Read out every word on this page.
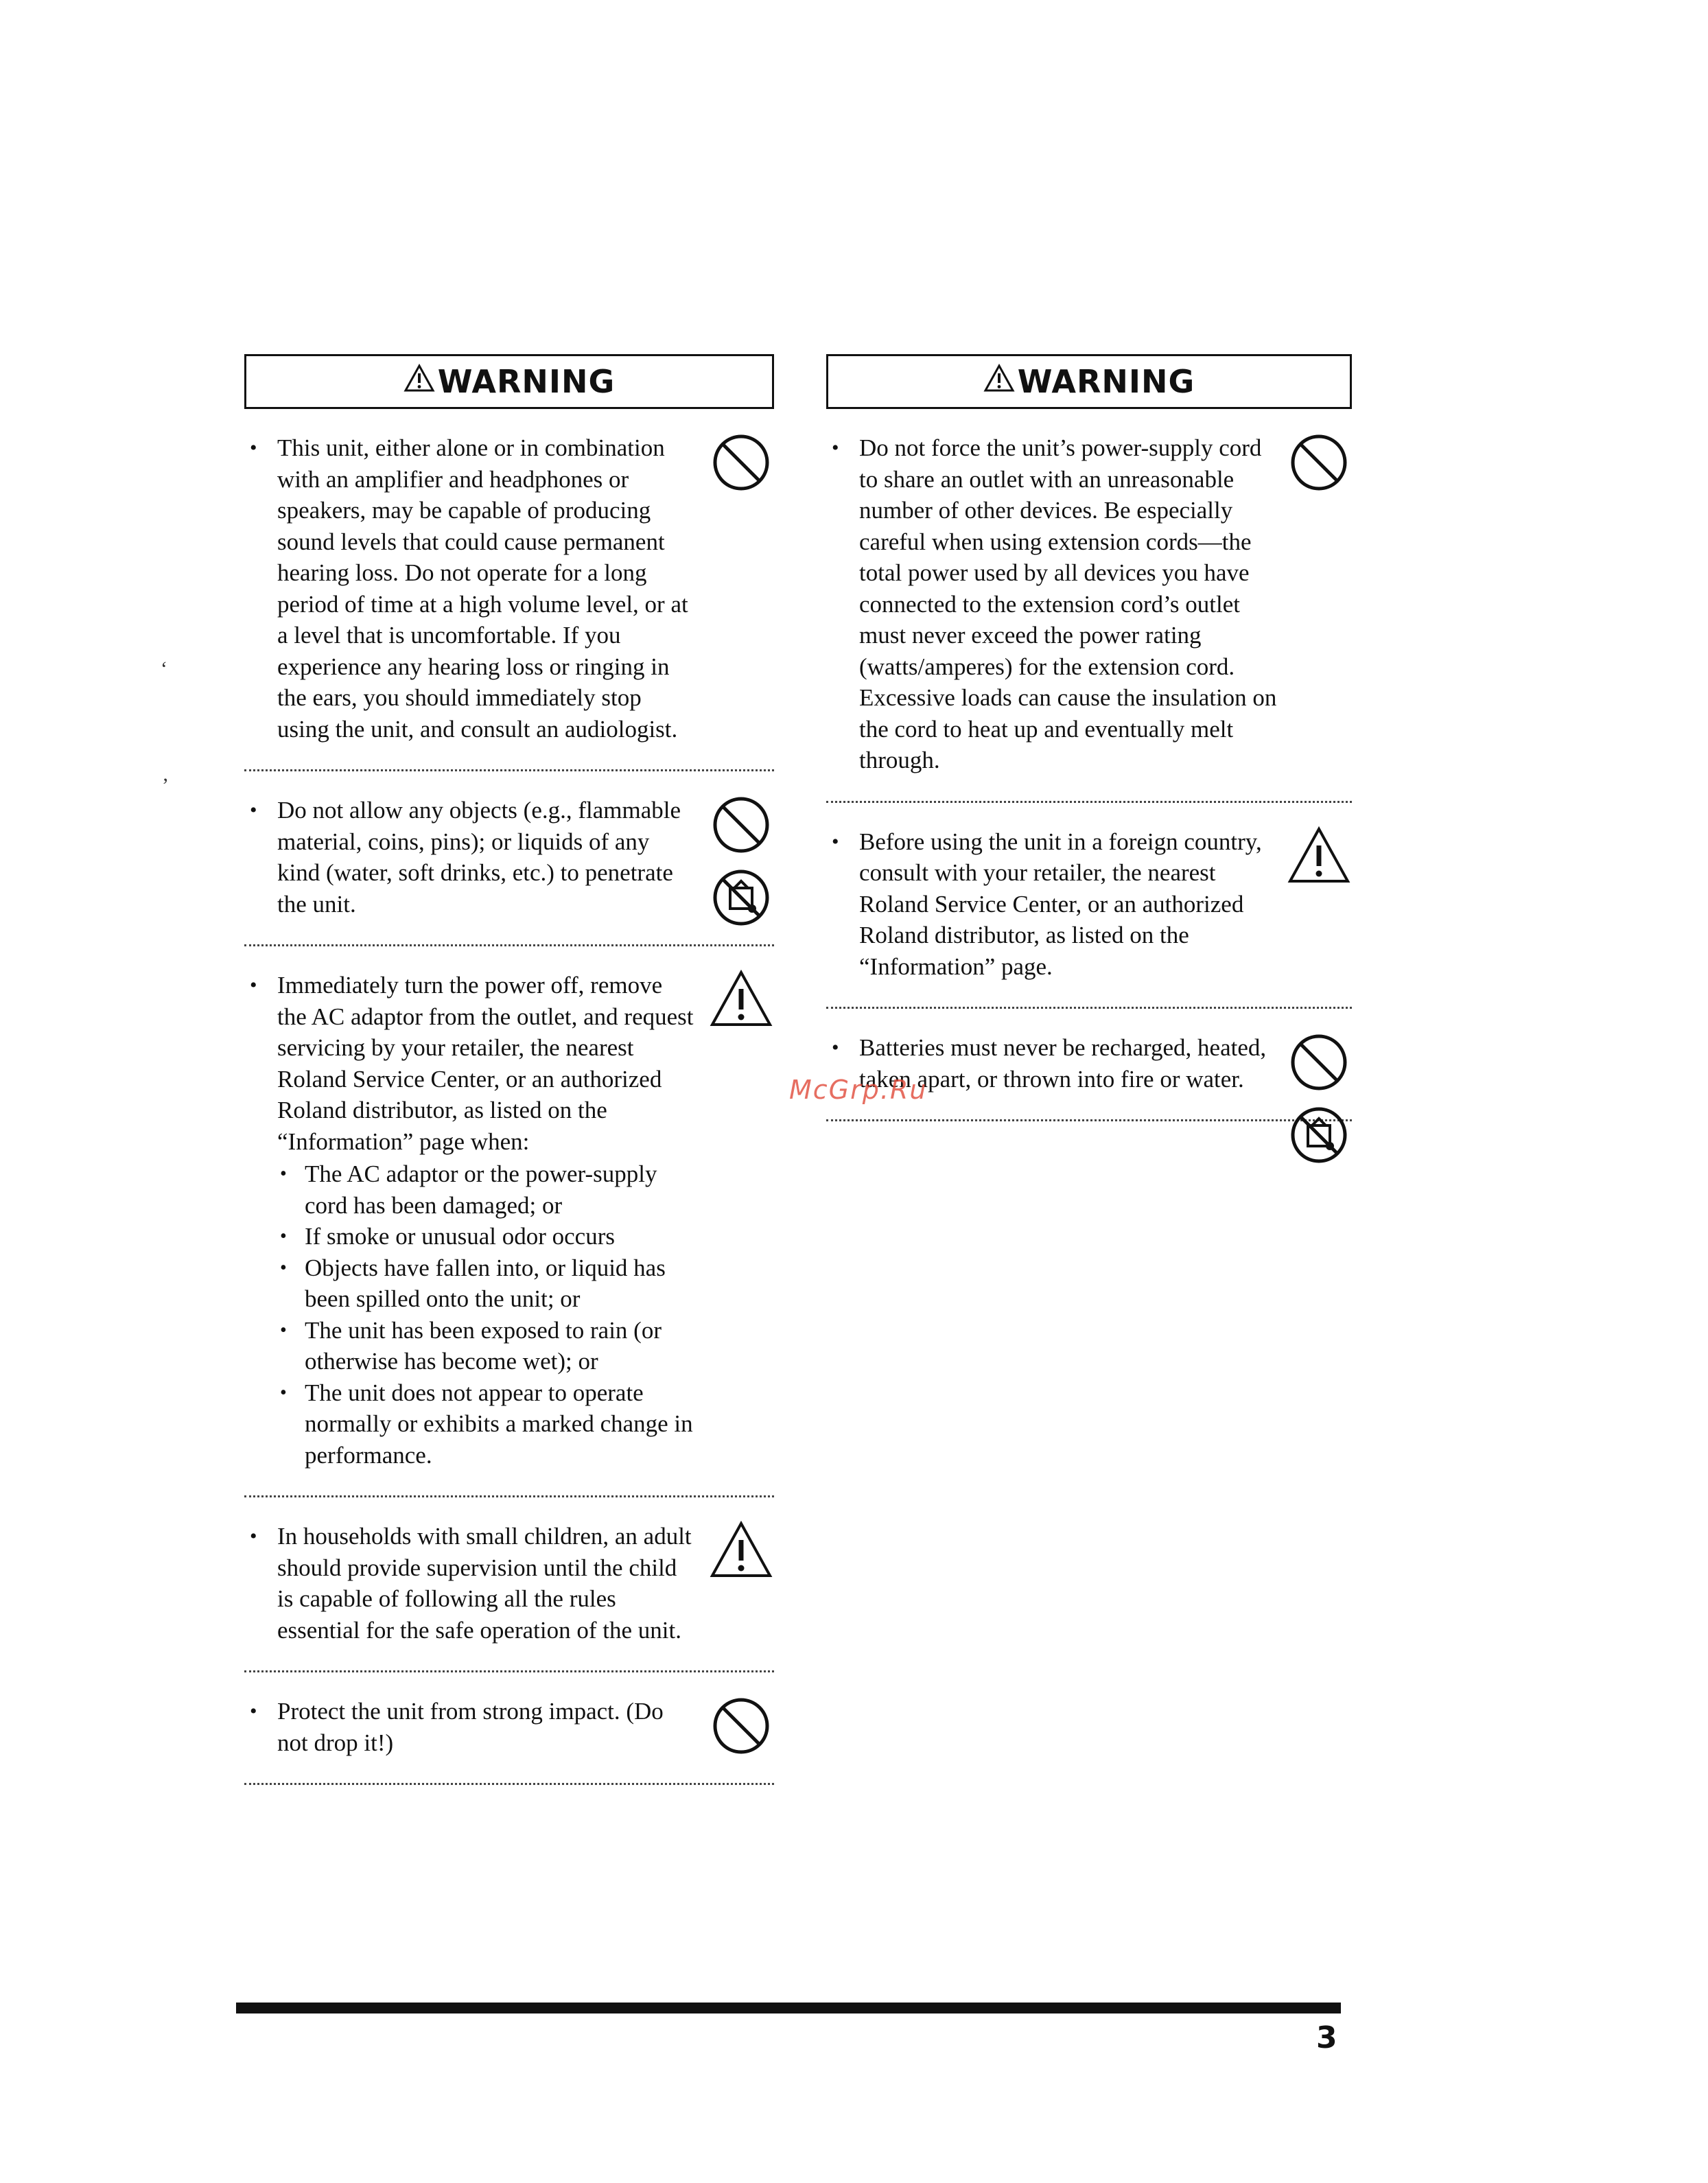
WARNING
• This unit, either alone or in combination with an amplifier and headphones or speakers, may be capable of producing sound levels that could cause permanent hearing loss. Do not operate for a long period of time at a high volume level, or at a level that is uncomfortable. If you experience any hearing loss or ringing in the ears, you should immediately stop using the unit, and consult an audiologist.
• Do not allow any objects (e.g., flammable material, coins, pins); or liquids of any kind (water, soft drinks, etc.) to penetrate the unit.
• Immediately turn the power off, remove the AC adaptor from the outlet, and request servicing by your retailer, the nearest Roland Service Center, or an authorized Roland distributor, as listed on the “Information” page when:
• The AC adaptor or the power-supply cord has been damaged; or
• If smoke or unusual odor occurs
• Objects have fallen into, or liquid has been spilled onto the unit; or
• The unit has been exposed to rain (or otherwise has become wet); or
• The unit does not appear to operate normally or exhibits a marked change in performance.
• In households with small children, an adult should provide supervision until the child is capable of following all the rules essential for the safe operation of the unit.
• Protect the unit from strong impact. (Do not drop it!)
WARNING
• Do not force the unit’s power-supply cord to share an outlet with an unreasonable number of other devices. Be especially careful when using extension cords—the total power used by all devices you have connected to the extension cord’s outlet must never exceed the power rating (watts/amperes) for the extension cord. Excessive loads can cause the insulation on the cord to heat up and eventually melt through.
• Before using the unit in a foreign country, consult with your retailer, the nearest Roland Service Center, or an authorized Roland distributor, as listed on the “Information” page.
• Batteries must never be recharged, heated, taken apart, or thrown into fire or water.
McGrp.Ru
‘
’
3
